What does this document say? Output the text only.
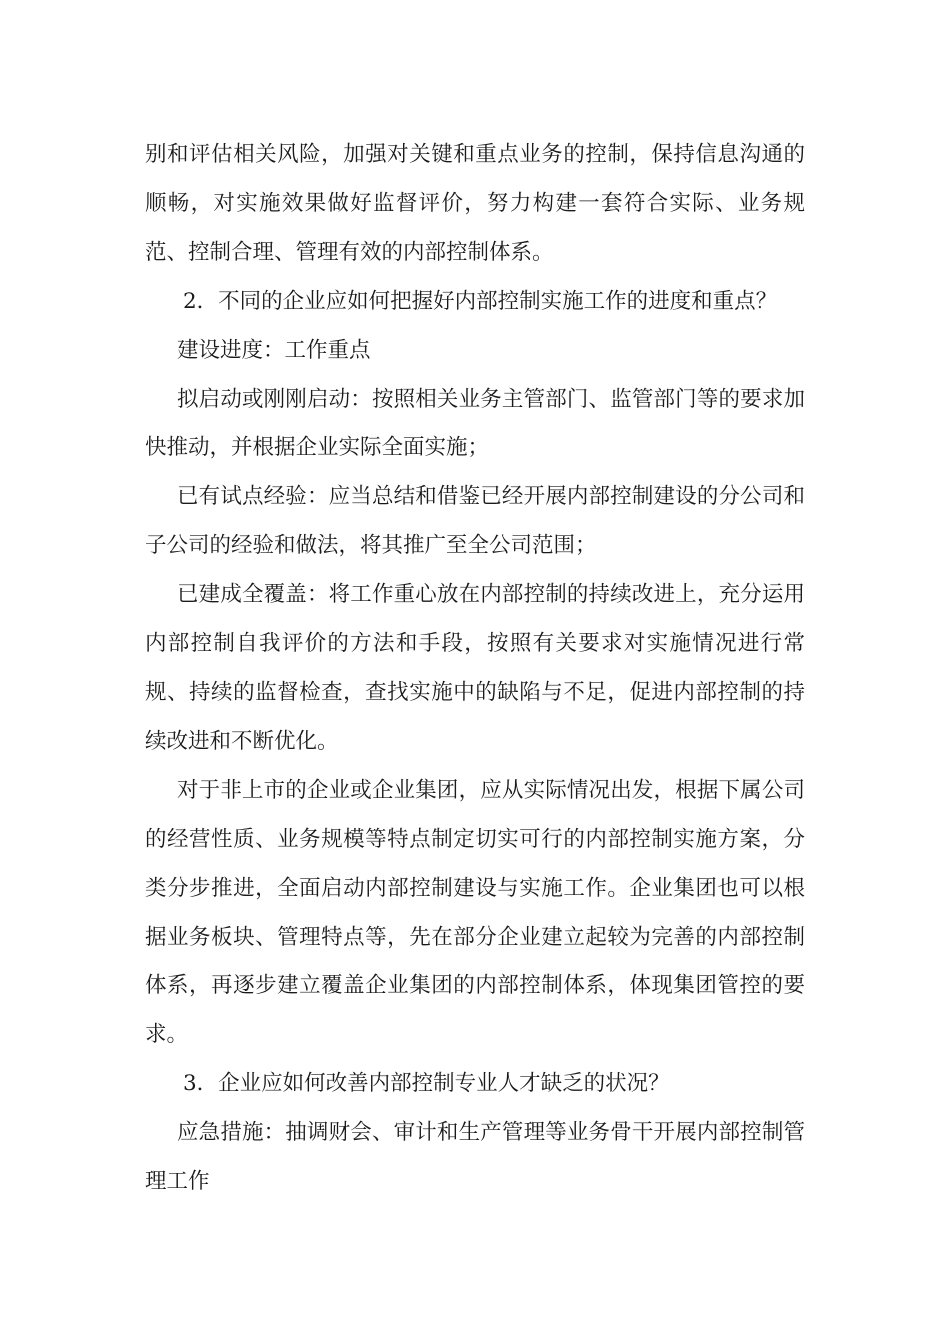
别和评估相关风险，加强对关键和重点业务的控制，保持信息沟通的顺畅，对实施效果做好监督评价，努力构建一套符合实际、业务规范、控制合理、管理有效的内部控制体系。

2．不同的企业应如何把握好内部控制实施工作的进度和重点？

建设进度：工作重点

拟启动或刚刚启动：按照相关业务主管部门、监管部门等的要求加快推动，并根据企业实际全面实施；

已有试点经验：应当总结和借鉴已经开展内部控制建设的分公司和子公司的经验和做法，将其推广至全公司范围；

已建成全覆盖：将工作重心放在内部控制的持续改进上，充分运用内部控制自我评价的方法和手段，按照有关要求对实施情况进行常规、持续的监督检查，查找实施中的缺陷与不足，促进内部控制的持续改进和不断优化。

对于非上市的企业或企业集团，应从实际情况出发，根据下属公司的经营性质、业务规模等特点制定切实可行的内部控制实施方案，分类分步推进，全面启动内部控制建设与实施工作。企业集团也可以根据业务板块、管理特点等，先在部分企业建立起较为完善的内部控制体系，再逐步建立覆盖企业集团的内部控制体系，体现集团管控的要求。

3．企业应如何改善内部控制专业人才缺乏的状况？

应急措施：抽调财会、审计和生产管理等业务骨干开展内部控制管理工作
